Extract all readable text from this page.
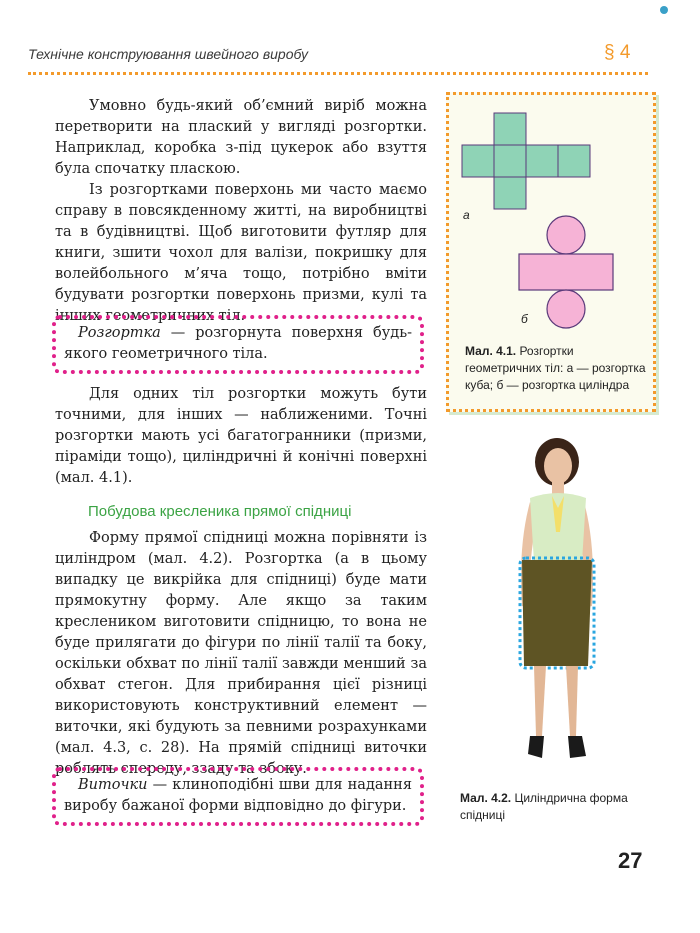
Технічне конструювання швейного виробу	§ 4

Умовно будь-який об’ємний виріб можна перетворити на плаский у вигляді розгортки. Наприклад, коробка з-під цукерок або взуття була спочатку пласкою.

Із розгортками поверхонь ми часто маємо справу в повсякденному житті, на виробництві та в будівництві. Щоб виготовити футляр для книги, зшити чохол для валізи, покришку для волейбольного м’яча тощо, потрібно вміти будувати розгортки поверхонь призми, кулі та інших геометричних тіл.

Розгортка — розгорнута поверхня будь-якого геометричного тіла.

Для одних тіл розгортки можуть бути точними, для інших — наближеними. Точні розгортки мають усі багатогранники (призми, піраміди тощо), циліндричні й конічні поверхні (мал. 4.1).

Побудова кресленика прямої спідниці

Форму прямої спідниці можна порівняти із циліндром (мал. 4.2). Розгортка (а в цьому випадку це викрійка для спідниці) буде мати прямокутну форму. Але якщо за таким креслеником виготовити спідницю, то вона не буде прилягати до фігури по лінії талії та боку, оскільки обхват по лінії талії завжди менший за обхват стегон. Для прибирання цієї різниці використовують конструктивний елемент — виточки, які будують за певними розрахунками (мал. 4.3, с. 28). На прямій спідниці виточки роблять спереду, ззаду та збоку.

Виточки — клиноподібні шви для надання виробу бажаної форми відповідно до фігури.

а
б
Мал. 4.1. Розгортки геометричних тіл: а — розгортка куба; б — розгортка циліндра
Мал. 4.2. Циліндрична форма спідниці
27
